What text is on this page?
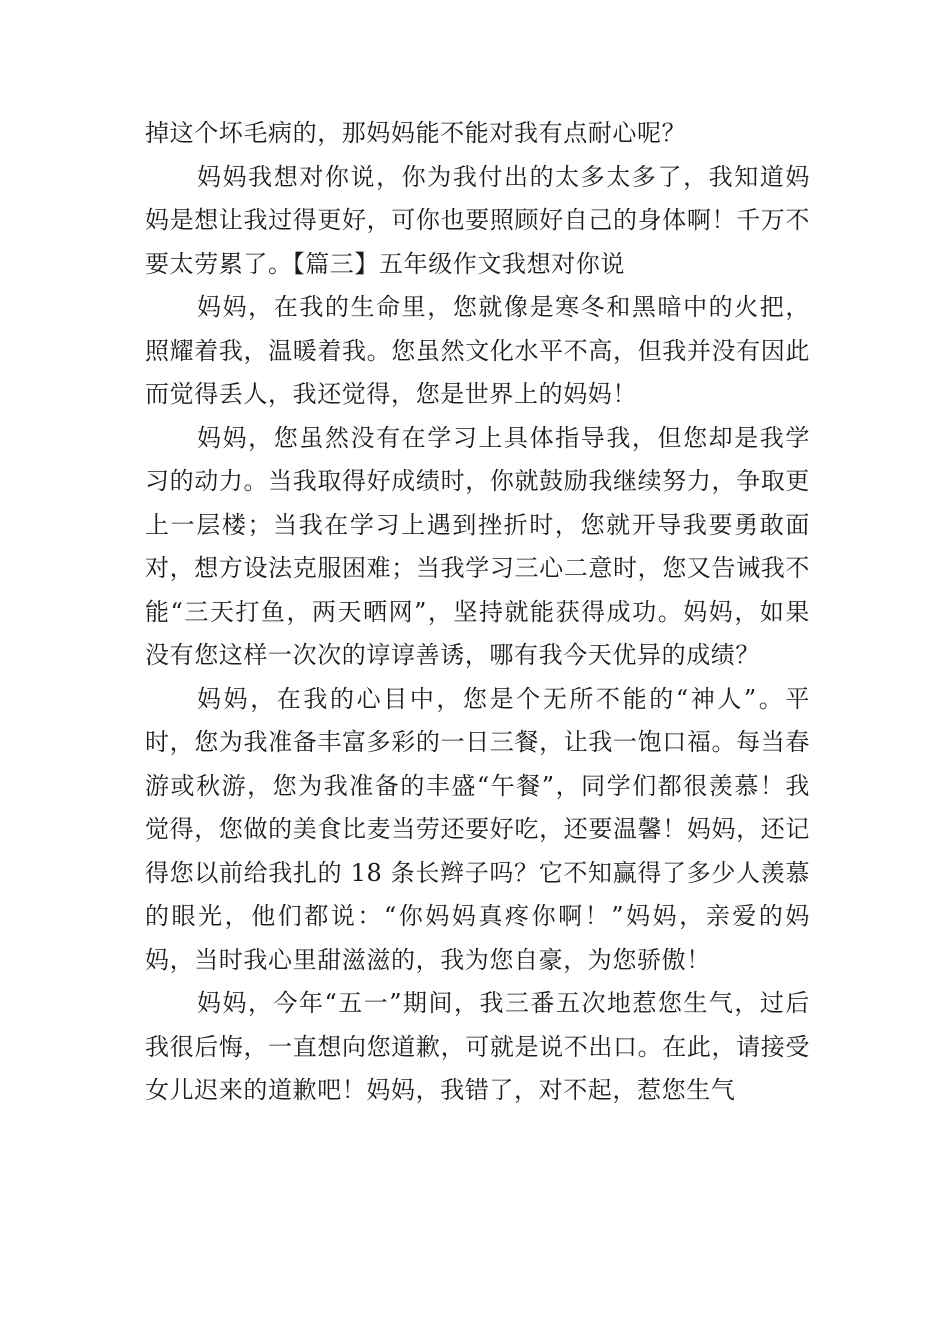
掉这个坏毛病的，那妈妈能不能对我有点耐心呢？

妈妈我想对你说，你为我付出的太多太多了，我知道妈妈是想让我过得更好，可你也要照顾好自己的身体啊！千万不要太劳累了。【篇三】五年级作文我想对你说

妈妈，在我的生命里，您就像是寒冬和黑暗中的火把，照耀着我，温暖着我。您虽然文化水平不高，但我并没有因此而觉得丢人，我还觉得，您是世界上的妈妈！

妈妈，您虽然没有在学习上具体指导我，但您却是我学习的动力。当我取得好成绩时，你就鼓励我继续努力，争取更上一层楼；当我在学习上遇到挫折时，您就开导我要勇敢面对，想方设法克服困难；当我学习三心二意时，您又告诫我不能“三天打鱼，两天晒网”，坚持就能获得成功。妈妈，如果没有您这样一次次的谆谆善诱，哪有我今天优异的成绩？

妈妈，在我的心目中，您是个无所不能的“神人”。平时，您为我准备丰富多彩的一日三餐，让我一饱口福。每当春游或秋游，您为我准备的丰盛“午餐”，同学们都很羡慕！我觉得，您做的美食比麦当劳还要好吃，还要温馨！妈妈，还记得您以前给我扎的 18 条长辫子吗？它不知赢得了多少人羡慕的眼光，他们都说：“你妈妈真疼你啊！”妈妈，亲爱的妈妈，当时我心里甜滋滋的，我为您自豪，为您骄傲！

妈妈，今年“五一”期间，我三番五次地惹您生气，过后我很后悔，一直想向您道歉，可就是说不出口。在此，请接受女儿迟来的道歉吧！妈妈，我错了，对不起，惹您生气
